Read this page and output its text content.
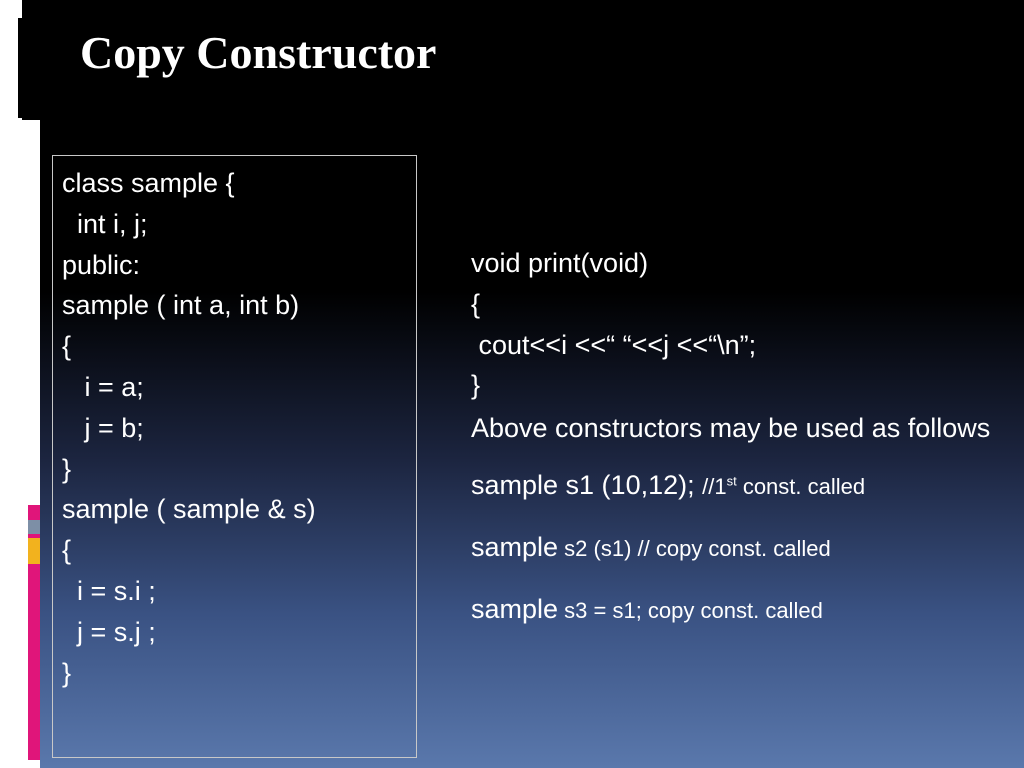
Copy Constructor
class sample {
int i, j;
public:
sample ( int a, int b)
{
i = a;
j = b;
}
sample ( sample & s)
{
i = s.i ;
j = s.j ;
}
void print(void)
{
cout<<i <<“ “<<j <<“\n”;
}

Above constructors may be used as follows

sample s1 (10,12); //1st const. called

sample s2 (s1) // copy const. called

sample s3 = s1; copy const. called
